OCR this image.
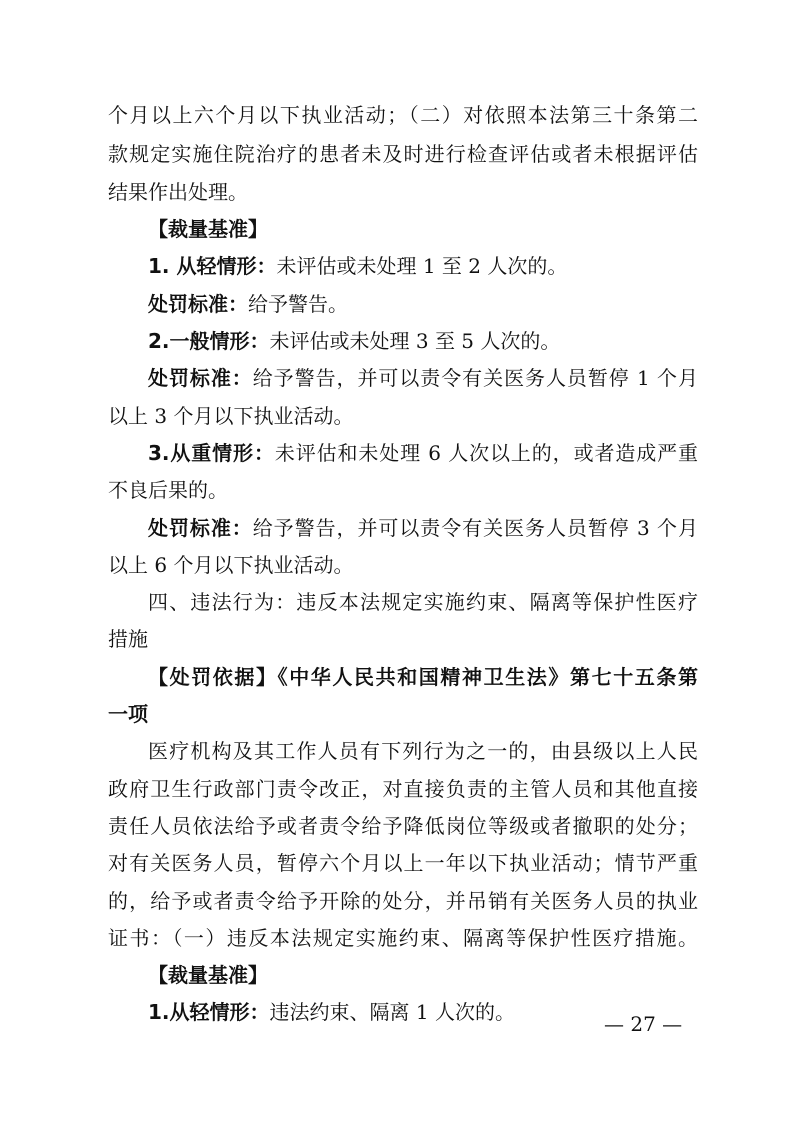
个月以上六个月以下执业活动；（二）对依照本法第三十条第二
款规定实施住院治疗的患者未及时进行检查评估或者未根据评估
结果作出处理。
【裁量基准】
1. 从轻情形：未评估或未处理 1 至 2 人次的。
处罚标准：给予警告。
2.一般情形：未评估或未处理 3 至 5 人次的。
处罚标准：给予警告，并可以责令有关医务人员暂停 1 个月
以上 3 个月以下执业活动。
3.从重情形：未评估和未处理 6 人次以上的，或者造成严重
不良后果的。
处罚标准：给予警告，并可以责令有关医务人员暂停 3 个月
以上 6 个月以下执业活动。
四、违法行为：违反本法规定实施约束、隔离等保护性医疗
措施
【处罚依据】《中华人民共和国精神卫生法》第七十五条第
一项
医疗机构及其工作人员有下列行为之一的，由县级以上人民
政府卫生行政部门责令改正，对直接负责的主管人员和其他直接
责任人员依法给予或者责令给予降低岗位等级或者撤职的处分；
对有关医务人员，暂停六个月以上一年以下执业活动；情节严重
的，给予或者责令给予开除的处分，并吊销有关医务人员的执业
证书：（一）违反本法规定实施约束、隔离等保护性医疗措施。
【裁量基准】
1.从轻情形：违法约束、隔离 1 人次的。	— 27 —
